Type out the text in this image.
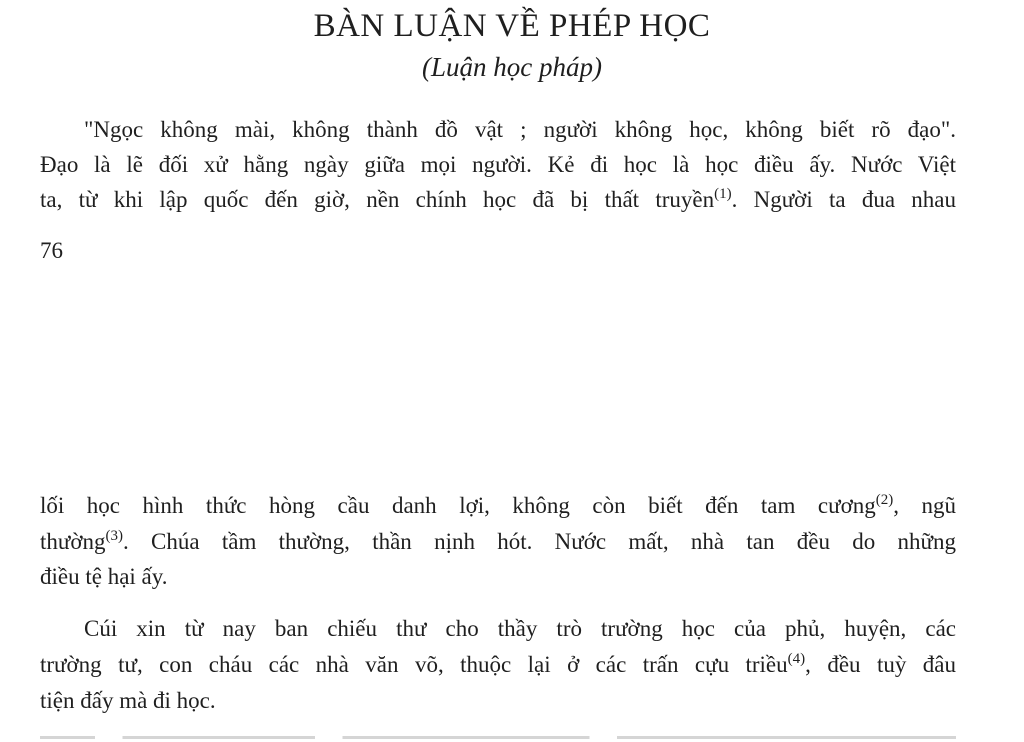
BÀN LUẬN VỀ PHÉP HỌC
(Luận học pháp)
"Ngọc không mài, không thành đồ vật ; người không học, không biết rõ đạo".
Đạo là lẽ đối xử hằng ngày giữa mọi người. Kẻ đi học là học điều ấy. Nước Việt
ta, từ khi lập quốc đến giờ, nền chính học đã bị thất truyền$^{(1)}$. Người ta đua nhau
76
lối học hình thức hòng cầu danh lợi, không còn biết đến tam cương$^{(2)}$, ngũ
thường$^{(3)}$. Chúa tầm thường, thần nịnh hót. Nước mất, nhà tan đều do những
điều tệ hại ấy.
Cúi xin từ nay ban chiếu thư cho thầy trò trường học của phủ, huyện, các
trường tư, con cháu các nhà văn võ, thuộc lại ở các trấn cựu triều$^{(4)}$, đều tuỳ đâu
tiện đấy mà đi học.
